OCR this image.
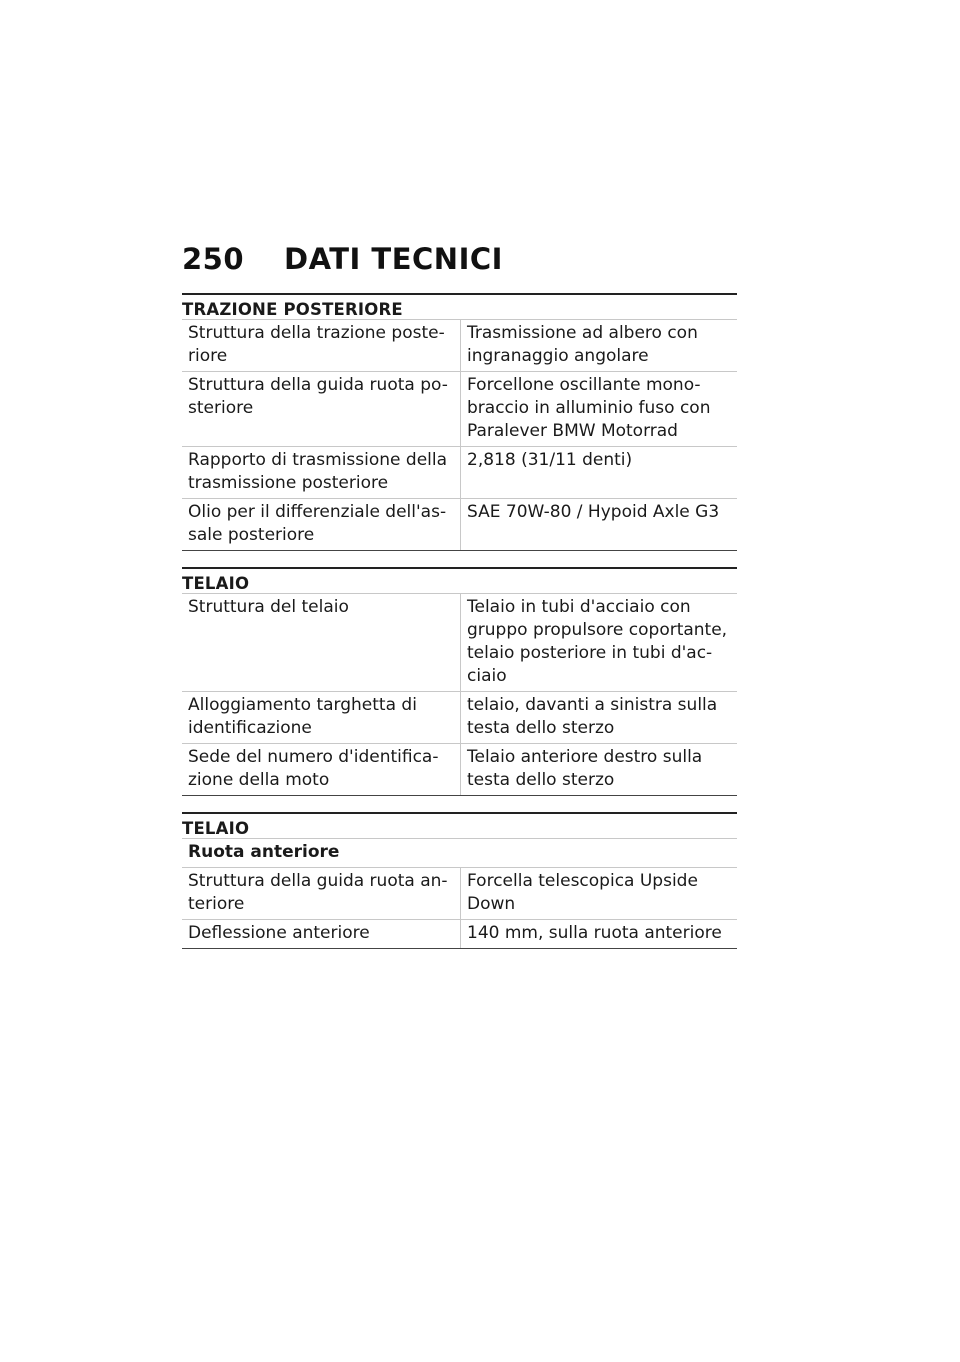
250	DATI TECNICI
TRAZIONE POSTERIORE
Struttura della trazione poste-riore	Trasmissione ad albero con ingranaggio angolare
Struttura della guida ruota po-steriore	Forcellone oscillante mono-braccio in alluminio fuso con Paralever BMW Motorrad
Rapporto di trasmissione della trasmissione posteriore	2,818 (31/11 denti)
Olio per il differenziale dell'as-sale posteriore	SAE 70W-80 / Hypoid Axle G3
TELAIO
Struttura del telaio	Telaio in tubi d'acciaio con gruppo propulsore coportante, telaio posteriore in tubi d'ac-ciaio
Alloggiamento targhetta di identificazione	telaio, davanti a sinistra sulla testa dello sterzo
Sede del numero d'identifica-zione della moto	Telaio anteriore destro sulla testa dello sterzo
TELAIO
Ruota anteriore	
Struttura della guida ruota an-teriore	Forcella telescopica Upside Down
Deflessione anteriore	140 mm, sulla ruota anteriore
